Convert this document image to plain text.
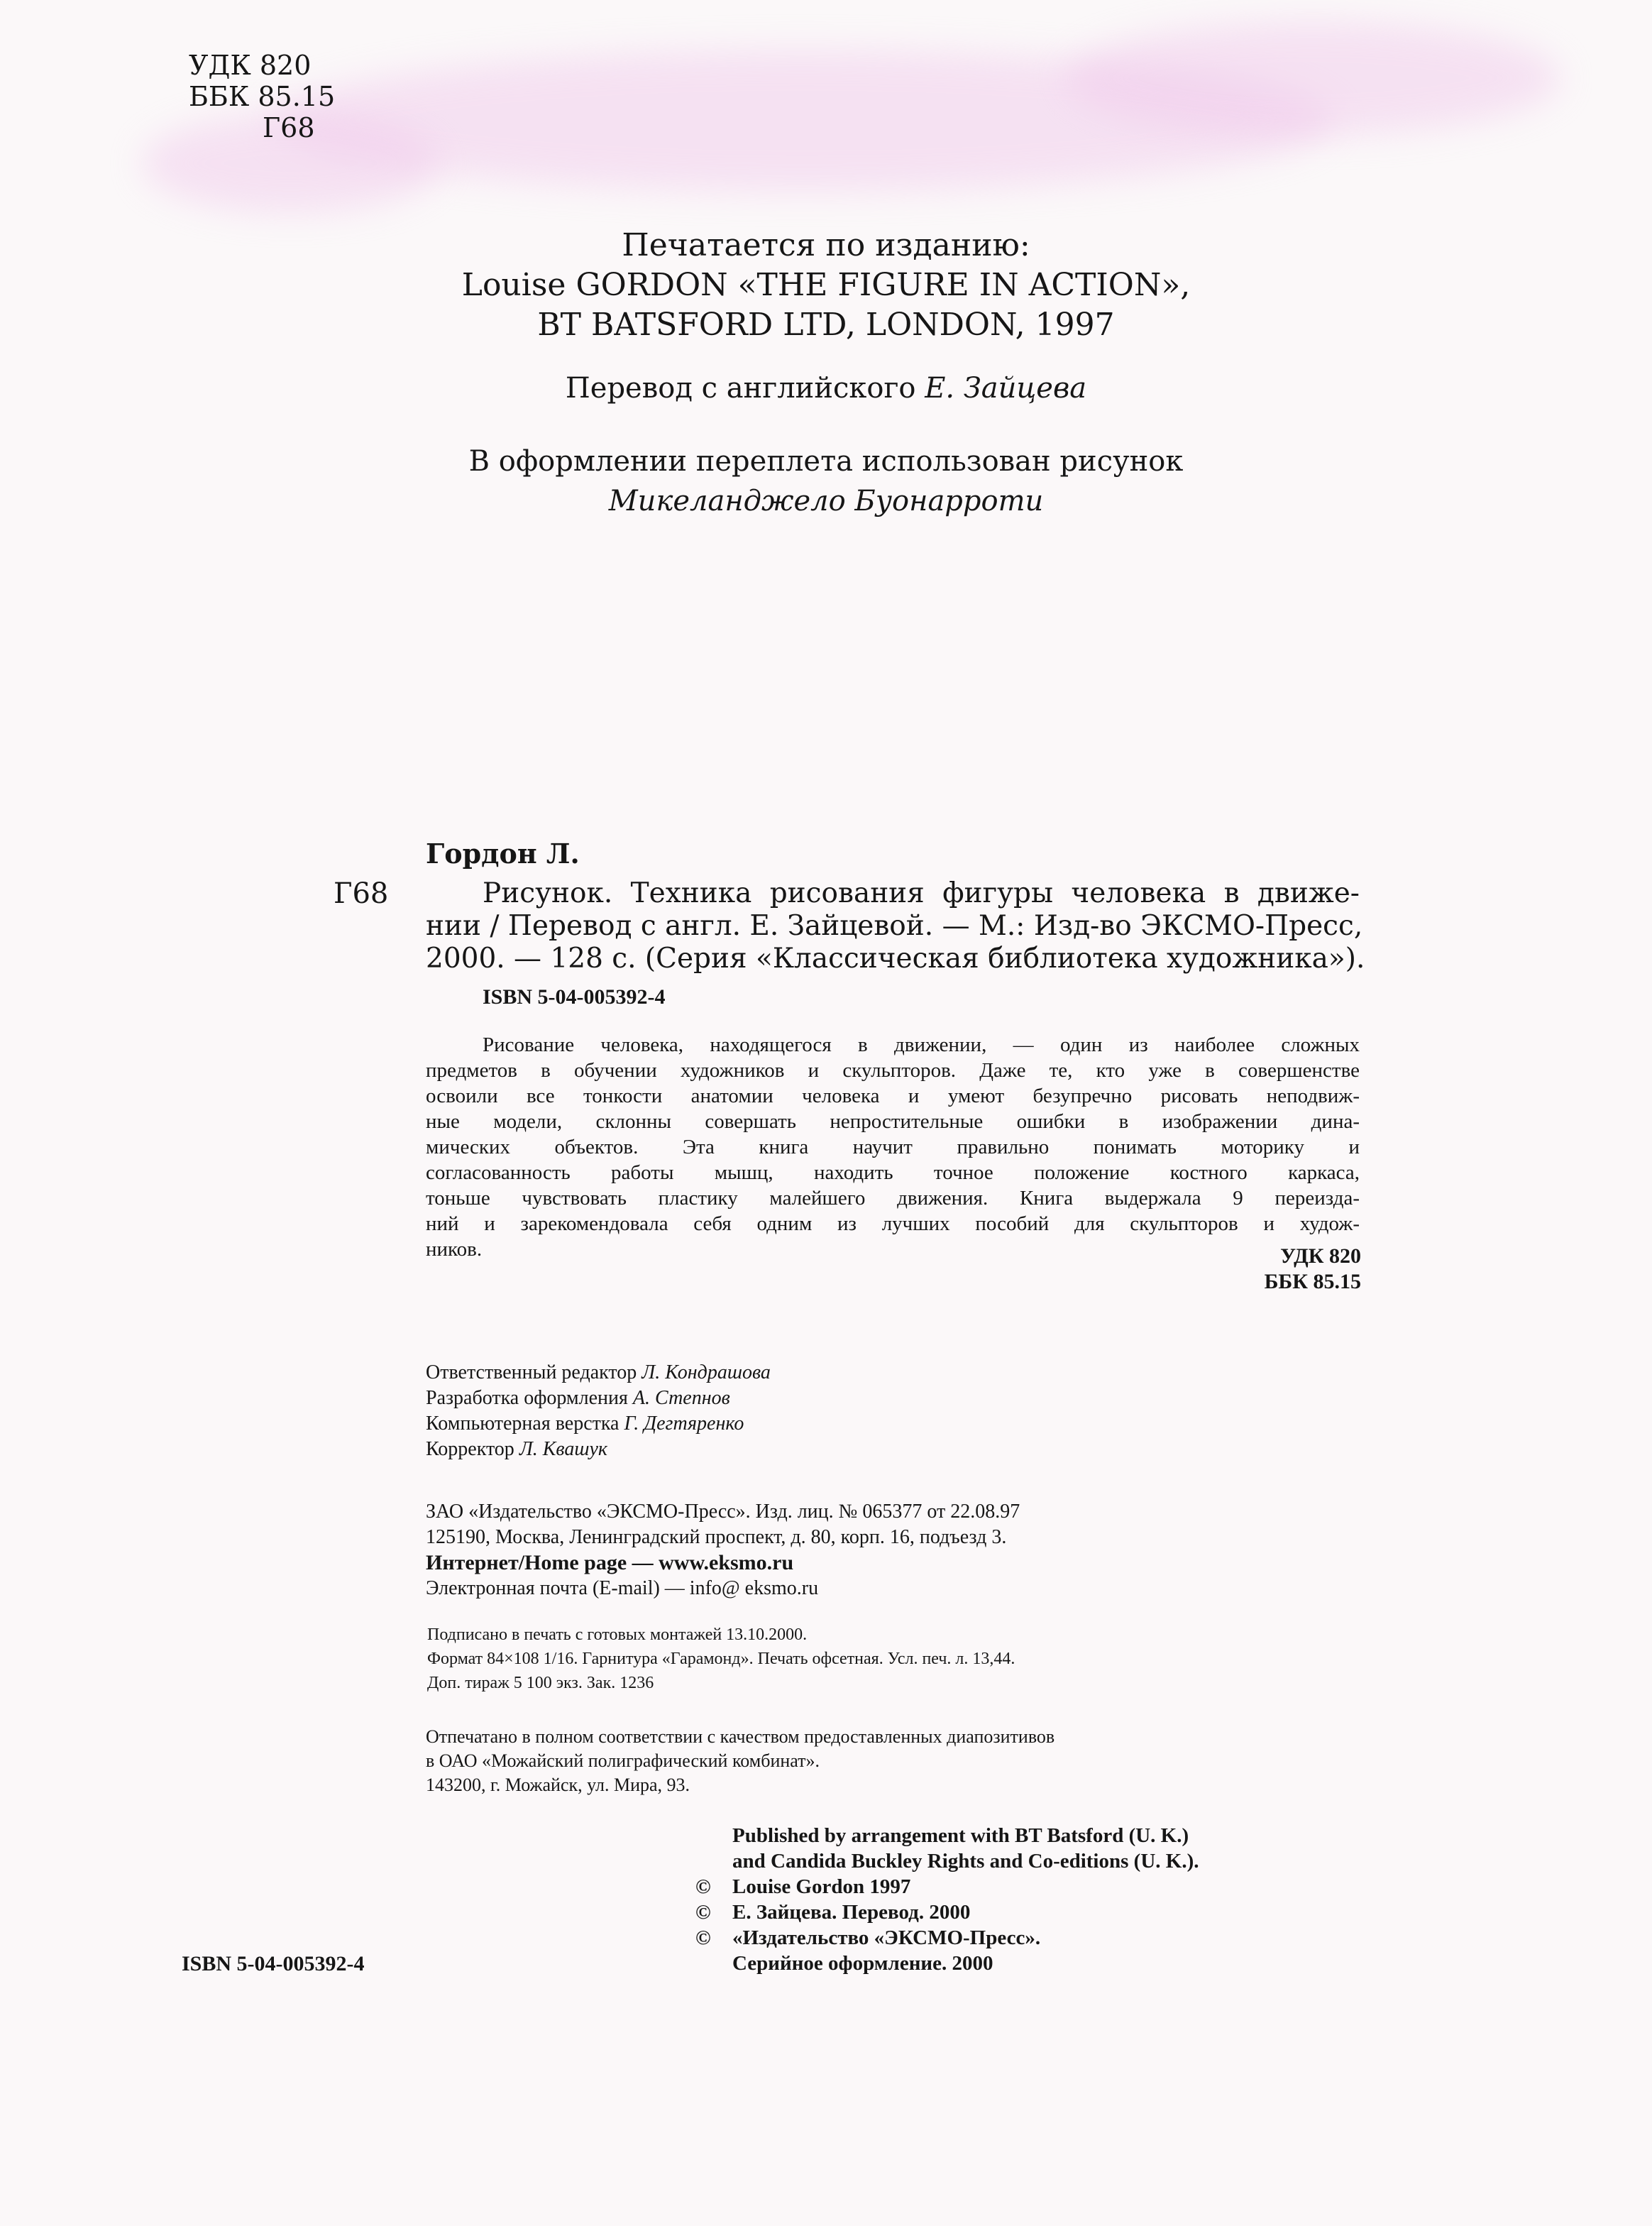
УДК 820
ББК 85.15
Г68
Печатается по изданию:
Louise GORDON «THE FIGURE IN ACTION»,
BT BATSFORD LTD, LONDON, 1997
Перевод с английского Е. Зайцева
В оформлении переплета использован рисунок
Микеланджело Буонарроти
Гордон Л.
Г68	Рисунок. Техника рисования фигуры человека в движе-
нии / Перевод с англ. Е. Зайцевой. — М.: Изд-во ЭКСМО-Пресс,
2000. — 128 с. (Серия «Классическая библиотека художника»).
ISBN 5-04-005392-4
Рисование человека, находящегося в движении, — один из наиболее сложных
предметов в обучении художников и скульпторов. Даже те, кто уже в совершенстве
освоили все тонкости анатомии человека и умеют безупречно рисовать неподвиж-
ные модели, склонны совершать непростительные ошибки в изображении дина-
мических объектов. Эта книга научит правильно понимать моторику и
согласованность работы мышц, находить точное положение костного каркаса,
тоньше чувствовать пластику малейшего движения. Книга выдержала 9 переизда-
ний и зарекомендовала себя одним из лучших пособий для скульпторов и худож-
ников.	УДК 820
ББК 85.15
Ответственный редактор Л. Кондрашова
Разработка оформления А. Степнов
Компьютерная верстка Г. Дегтяренко
Корректор Л. Квашук
ЗАО «Издательство «ЭКСМО-Пресс». Изд. лиц. № 065377 от 22.08.97
125190, Москва, Ленинградский проспект, д. 80, корп. 16, подъезд 3.
Интернет/Home page — www.eksmo.ru
Электронная почта (E-mail) — info@ eksmo.ru
Подписано в печать с готовых монтажей 13.10.2000.
Формат 84×108 1/16. Гарнитура «Гарамонд». Печать офсетная. Усл. печ. л. 13,44.
Доп. тираж 5 100 экз. Зак. 1236
Отпечатано в полном соответствии с качеством предоставленных диапозитивов
в ОАО «Можайский полиграфический комбинат».
143200, г. Можайск, ул. Мира, 93.
Published by arrangement with BT Batsford (U. K.)
and Candida Buckley Rights and Co-editions (U. K.).
©	Louise Gordon 1997
©	Е. Зайцева. Перевод. 2000
©	«Издательство «ЭКСМО-Пресс».
Серийное оформление. 2000
ISBN 5-04-005392-4
